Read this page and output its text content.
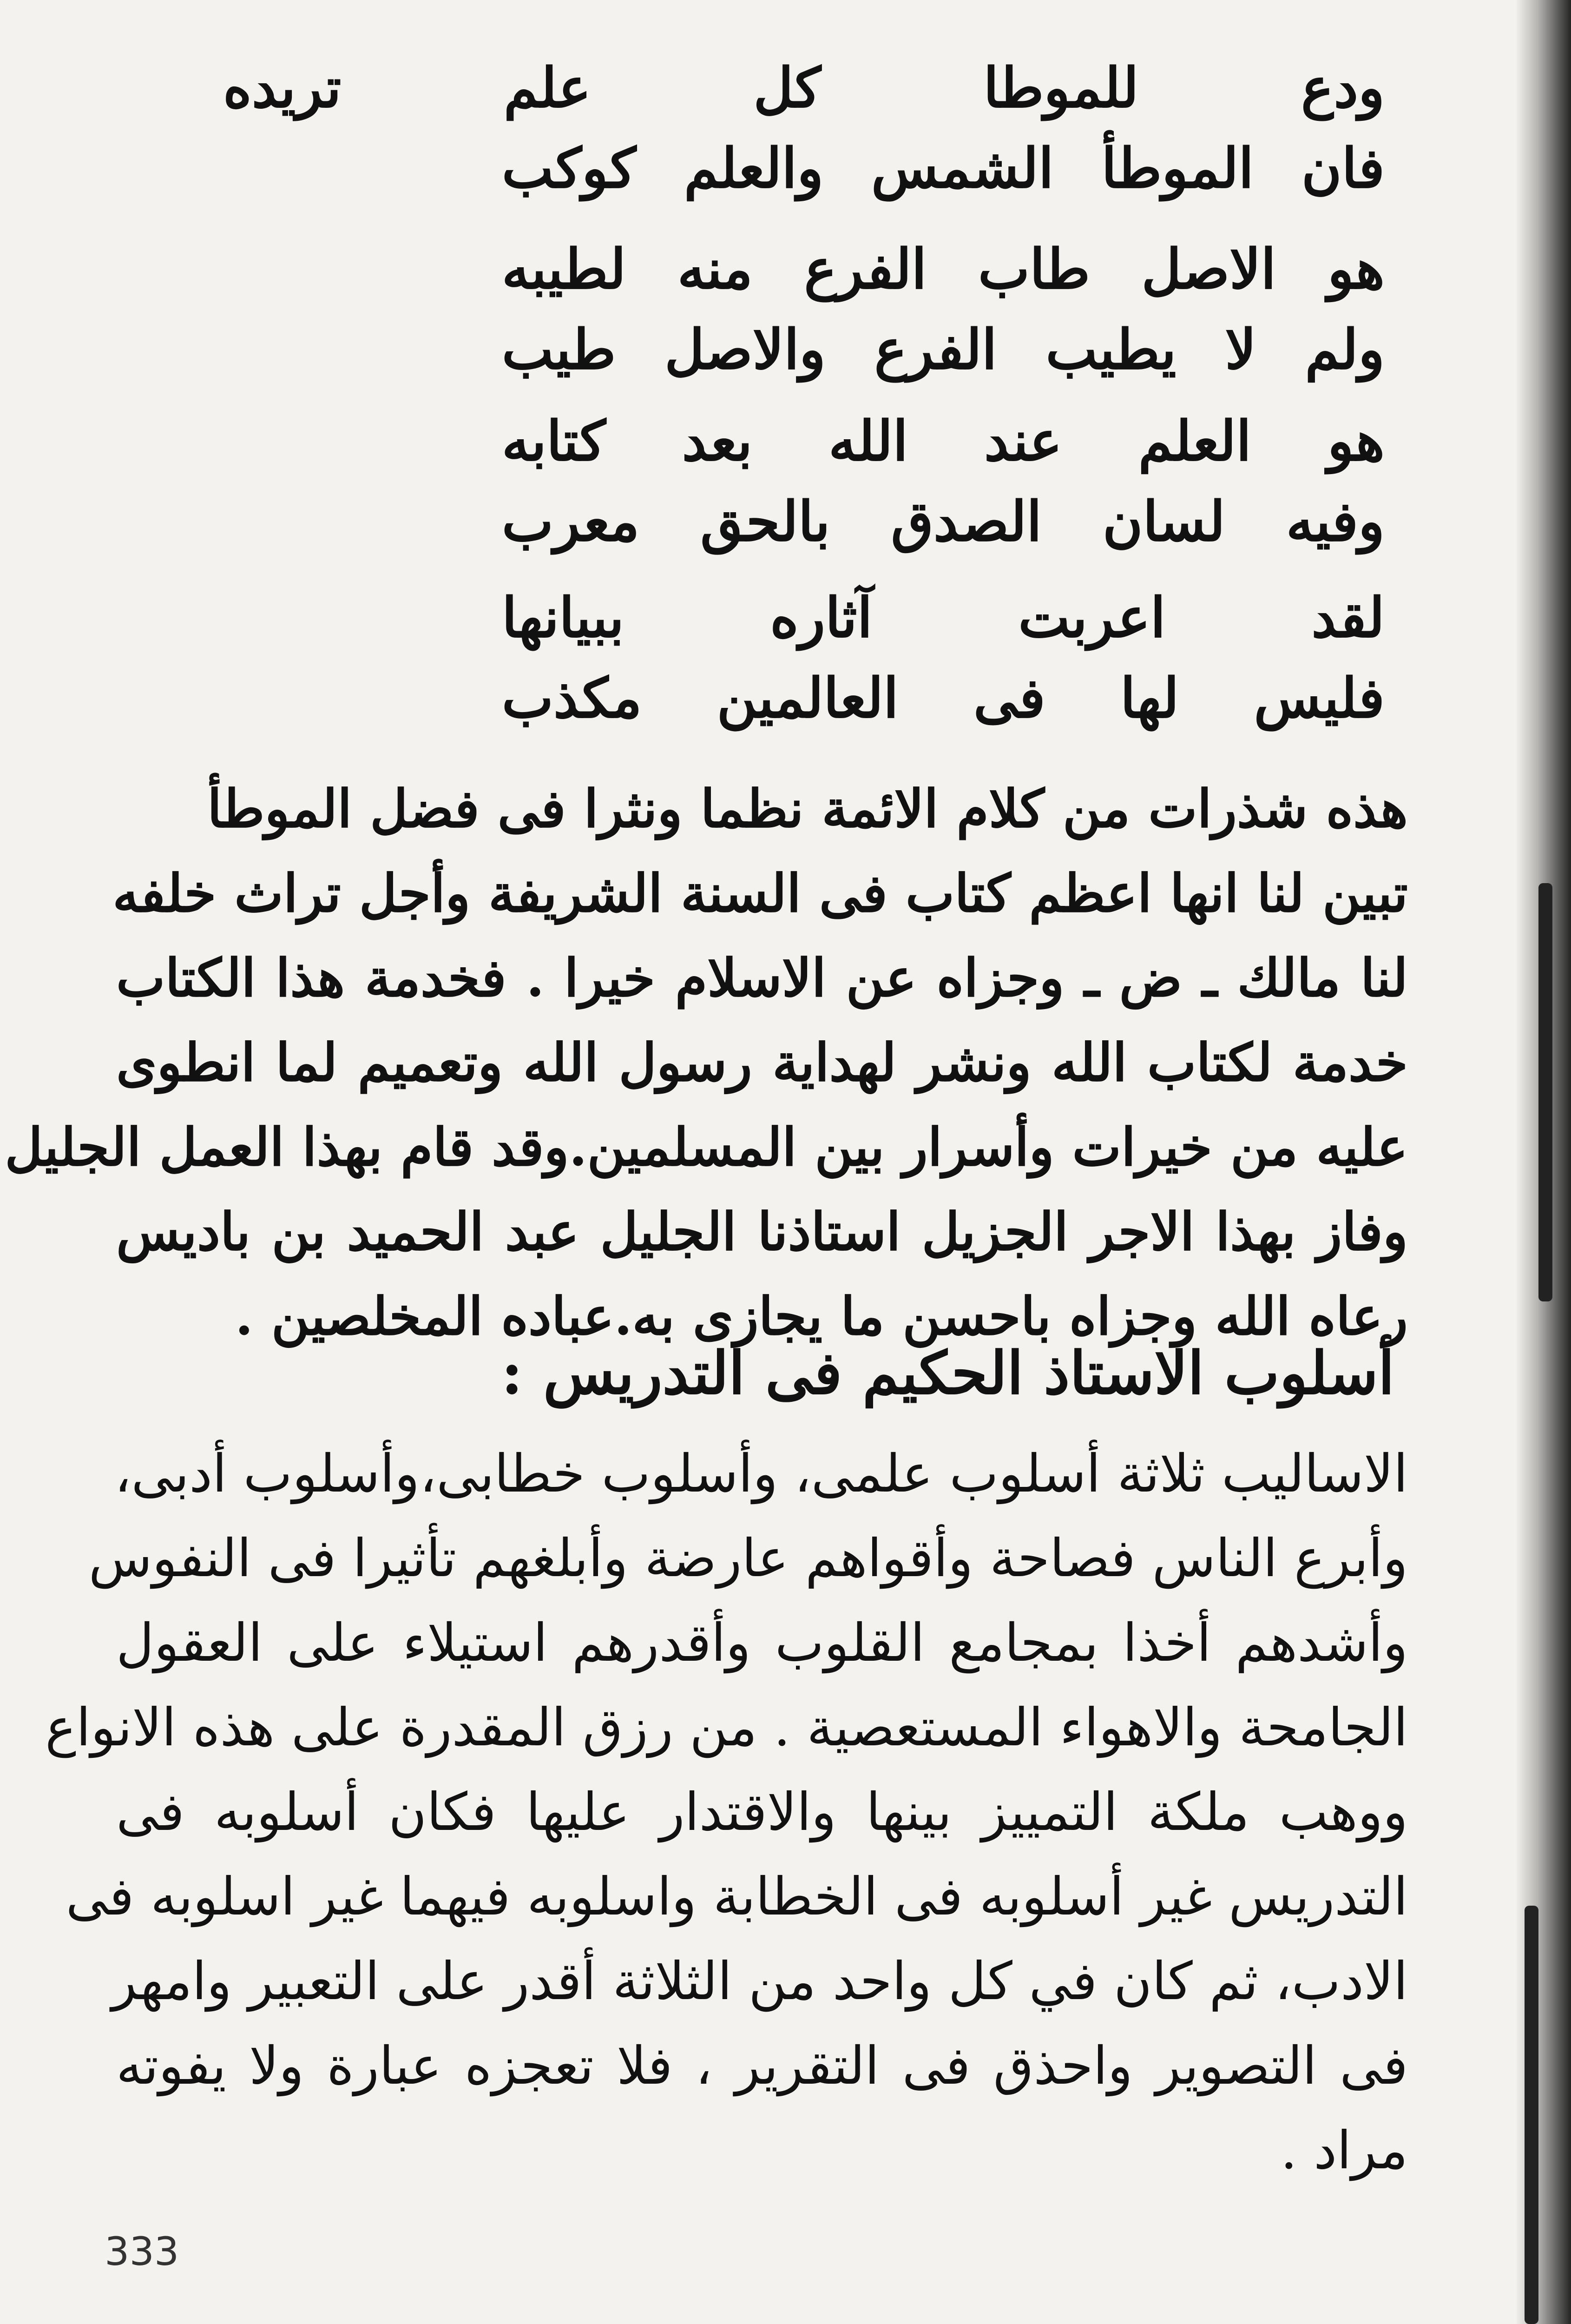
ودع للموطا كل علم تريده
فان الموطأ الشمس والعلم كوكب
هو الاصل طاب الفرع منه لطيبه
ولم لا يطيب الفرع والاصل طيب
هو العلم عند الله بعد كتابه
وفيه لسان الصدق بالحق معرب
لقد اعربت آثاره ببيانها
فليس لها فى العالمين مكذب
هذه شذرات من كلام الائمة نظما ونثرا فى فضل الموطأ
تبين لنا انها اعظم كتاب فى السنة الشريفة وأجل تراث خلفه
لنا مالك ـ ض ـ وجزاه عن الاسلام خيرا . فخدمة هذا الكتاب
خدمة لكتاب الله ونشر لهداية رسول الله وتعميم لما انطوى
عليه من خيرات وأسرار بين المسلمين.وقد قام بهذا العمل الجليل
وفاز بهذا الاجر الجزيل استاذنا الجليل عبد الحميد بن باديس
رعاه الله وجزاه باحسن ما يجازى به.عباده المخلصين .
أسلوب الاستاذ الحكيم فى التدريس :
الاساليب ثلاثة أسلوب علمى، وأسلوب خطابى،وأسلوب أدبى،
وأبرع الناس فصاحة وأقواهم عارضة وأبلغهم تأثيرا فى النفوس
وأشدهم أخذا بمجامع القلوب وأقدرهم استيلاء على العقول
الجامحة والاهواء المستعصية . من رزق المقدرة على هذه الانواع
ووهب ملكة التمييز بينها والاقتدار عليها فكان أسلوبه فى
التدريس غير أسلوبه فى الخطابة واسلوبه فيهما غير اسلوبه فى
الادب، ثم كان في كل واحد من الثلاثة أقدر على التعبير وامهر
فى التصوير واحذق فى التقرير ، فلا تعجزه عبارة ولا يفوته
مراد .
333
